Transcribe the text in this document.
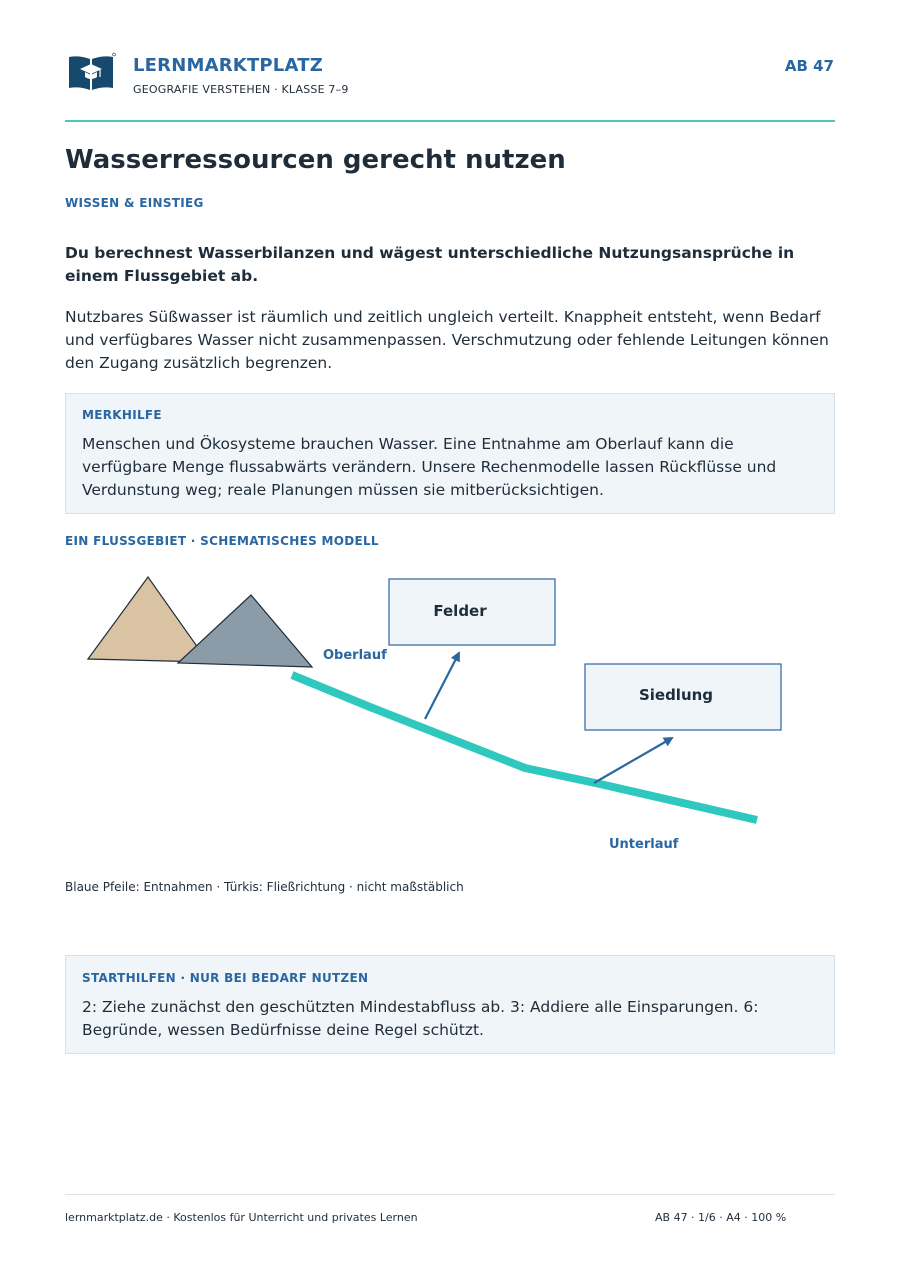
LERNMARKTPLATZ
GEOGRAFIE VERSTEHEN · KLASSE 7–9
AB 47
Wasserressourcen gerecht nutzen
WISSEN & EINSTIEG

Du berechnest Wasserbilanzen und wägest unterschiedliche Nutzungsansprüche in einem Flussgebiet ab.

Nutzbares Süßwasser ist räumlich und zeitlich ungleich verteilt. Knappheit entsteht, wenn Bedarf und verfügbares Wasser nicht zusammenpassen. Verschmutzung oder fehlende Leitungen können den Zugang zusätzlich begrenzen.

MERKHILFE

Menschen und Ökosysteme brauchen Wasser. Eine Entnahme am Oberlauf kann die verfügbare Menge flussabwärts verändern. Unsere Rechenmodelle lassen Rückflüsse und Verdunstung weg; reale Planungen müssen sie mitberücksichtigen.

EIN FLUSSGEBIET · SCHEMATISCHES MODELL
Felder
Siedlung
Oberlauf
Unterlauf
Blaue Pfeile: Entnahmen · Türkis: Fließrichtung · nicht maßstäblich
STARTHILFEN · NUR BEI BEDARF NUTZEN

2: Ziehe zunächst den geschützten Mindestabfluss ab. 3: Addiere alle Einsparungen. 6: Begründe, wessen Bedürfnisse deine Regel schützt.

lernmarktplatz.de · Kostenlos für Unterricht und privates Lernen	AB 47 · 1/6 · A4 · 100 %
